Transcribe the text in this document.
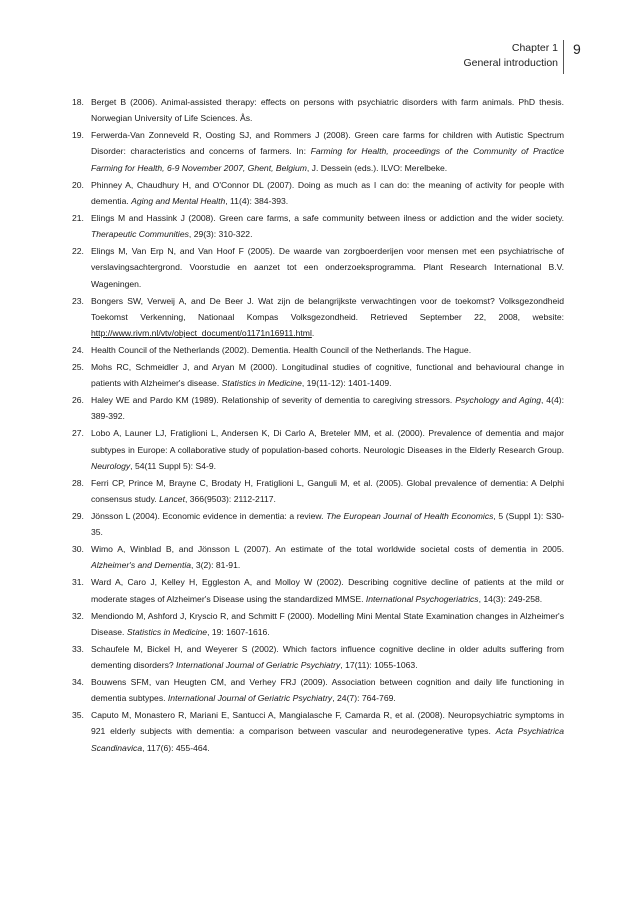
Chapter 1
General introduction
9
18. Berget B (2006). Animal-assisted therapy: effects on persons with psychiatric disorders with farm animals. PhD thesis. Norwegian University of Life Sciences. Ås.
19. Ferwerda-Van Zonneveld R, Oosting SJ, and Rommers J (2008). Green care farms for children with Autistic Spectrum Disorder: characteristics and concerns of farmers. In: Farming for Health, proceedings of the Community of Practice Farming for Health, 6-9 November 2007, Ghent, Belgium, J. Dessein (eds.). ILVO: Merelbeke.
20. Phinney A, Chaudhury H, and O'Connor DL (2007). Doing as much as I can do: the meaning of activity for people with dementia. Aging and Mental Health, 11(4): 384-393.
21. Elings M and Hassink J (2008). Green care farms, a safe community between ilness or addiction and the wider society. Therapeutic Communities, 29(3): 310-322.
22. Elings M, Van Erp N, and Van Hoof F (2005). De waarde van zorgboerderijen voor mensen met een psychiatrische of verslavingsachtergrond. Voorstudie en aanzet tot een onderzoeksprogramma. Plant Research International B.V. Wageningen.
23. Bongers SW, Verweij A, and De Beer J. Wat zijn de belangrijkste verwachtingen voor de toekomst? Volksgezondheid Toekomst Verkenning, Nationaal Kompas Volksgezondheid. Retrieved September 22, 2008, website: http://www.rivm.nl/vtv/object_document/o1171n16911.html.
24. Health Council of the Netherlands (2002). Dementia. Health Council of the Netherlands. The Hague.
25. Mohs RC, Schmeidler J, and Aryan M (2000). Longitudinal studies of cognitive, functional and behavioural change in patients with Alzheimer's disease. Statistics in Medicine, 19(11-12): 1401-1409.
26. Haley WE and Pardo KM (1989). Relationship of severity of dementia to caregiving stressors. Psychology and Aging, 4(4): 389-392.
27. Lobo A, Launer LJ, Fratiglioni L, Andersen K, Di Carlo A, Breteler MM, et al. (2000). Prevalence of dementia and major subtypes in Europe: A collaborative study of population-based cohorts. Neurologic Diseases in the Elderly Research Group. Neurology, 54(11 Suppl 5): S4-9.
28. Ferri CP, Prince M, Brayne C, Brodaty H, Fratiglioni L, Ganguli M, et al. (2005). Global prevalence of dementia: A Delphi consensus study. Lancet, 366(9503): 2112-2117.
29. Jönsson L (2004). Economic evidence in dementia: a review. The European Journal of Health Economics, 5 (Suppl 1): S30-35.
30. Wimo A, Winblad B, and Jönsson L (2007). An estimate of the total worldwide societal costs of dementia in 2005. Alzheimer's and Dementia, 3(2): 81-91.
31. Ward A, Caro J, Kelley H, Eggleston A, and Molloy W (2002). Describing cognitive decline of patients at the mild or moderate stages of Alzheimer's Disease using the standardized MMSE. International Psychogeriatrics, 14(3): 249-258.
32. Mendiondo M, Ashford J, Kryscio R, and Schmitt F (2000). Modelling Mini Mental State Examination changes in Alzheimer's Disease. Statistics in Medicine, 19: 1607-1616.
33. Schaufele M, Bickel H, and Weyerer S (2002). Which factors influence cognitive decline in older adults suffering from dementing disorders? International Journal of Geriatric Psychiatry, 17(11): 1055-1063.
34. Bouwens SFM, van Heugten CM, and Verhey FRJ (2009). Association between cognition and daily life functioning in dementia subtypes. International Journal of Geriatric Psychiatry, 24(7): 764-769.
35. Caputo M, Monastero R, Mariani E, Santucci A, Mangialasche F, Camarda R, et al. (2008). Neuropsychiatric symptoms in 921 elderly subjects with dementia: a comparison between vascular and neurodegenerative types. Acta Psychiatrica Scandinavica, 117(6): 455-464.
